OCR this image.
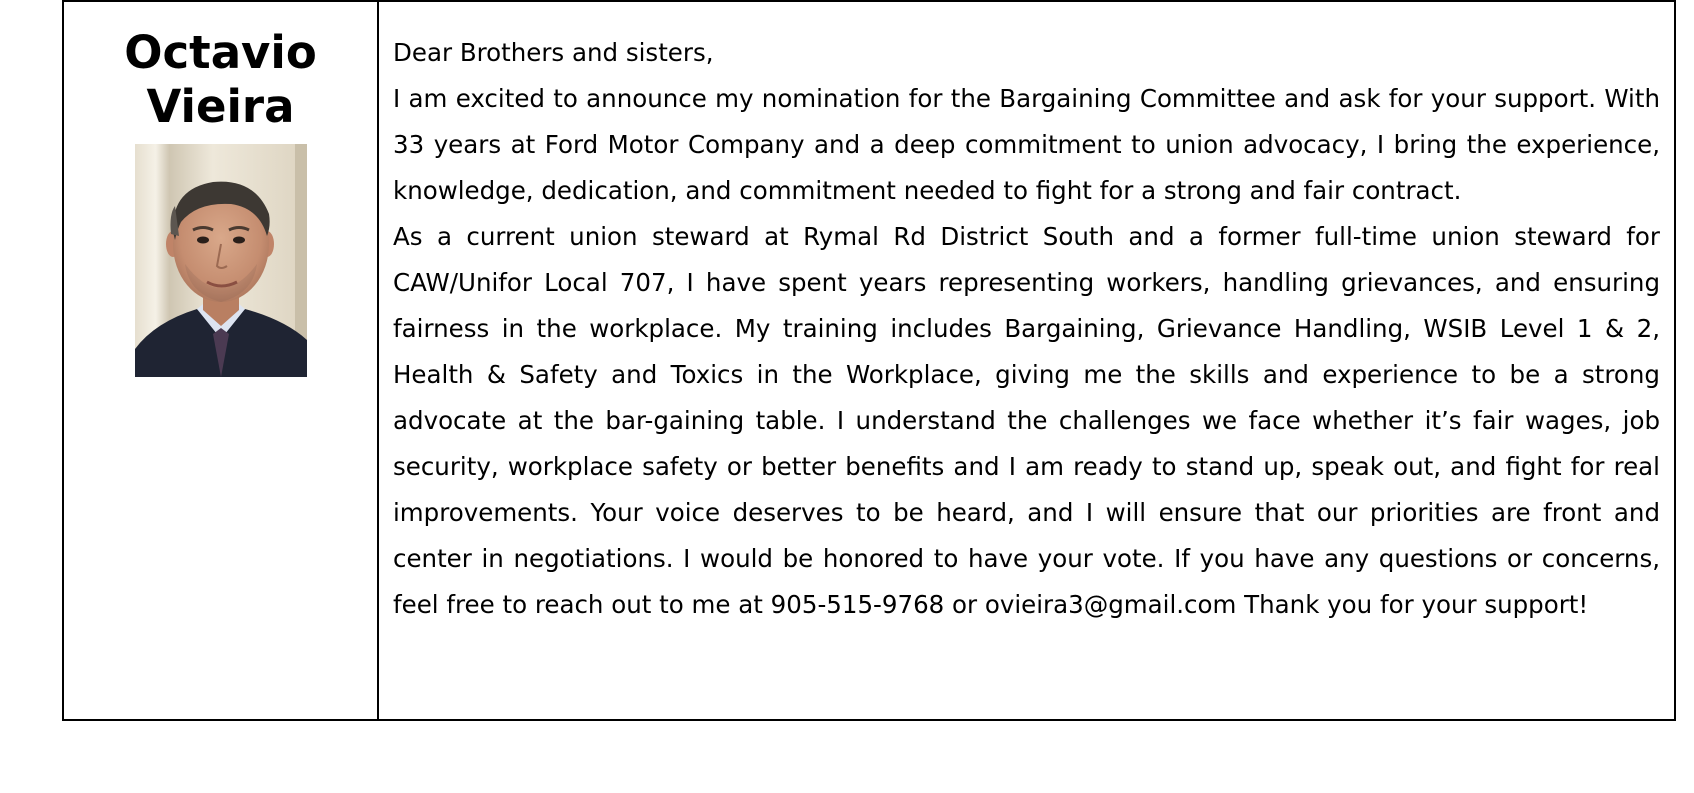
Octavio
Vieira

Dear Brothers and sisters,

I am excited to announce my nomination for the Bargaining Committee and ask for your support. With 33 years at Ford Motor Company and a deep commitment to union advocacy, I bring the experience, knowledge, dedication, and commitment needed to fight for a strong and fair contract.

As a current union steward at Rymal Rd District South and a former full-time union steward for CAW/Unifor Local 707, I have spent years representing workers, handling grievances, and ensuring fairness in the workplace. My training includes Bargaining, Grievance Handling, WSIB Level 1 & 2, Health & Safety and Toxics in the Workplace, giving me the skills and experience to be a strong advocate at the bar-gaining table. I understand the challenges we face whether it’s fair wages, job security, workplace safety or better benefits and I am ready to stand up, speak out, and fight for real improvements. Your voice deserves to be heard, and I will ensure that our priorities are front and center in negotiations. I would be honored to have your vote. If you have any questions or concerns, feel free to reach out to me at 905-515-9768 or ovieira3@gmail.com Thank you for your support!
